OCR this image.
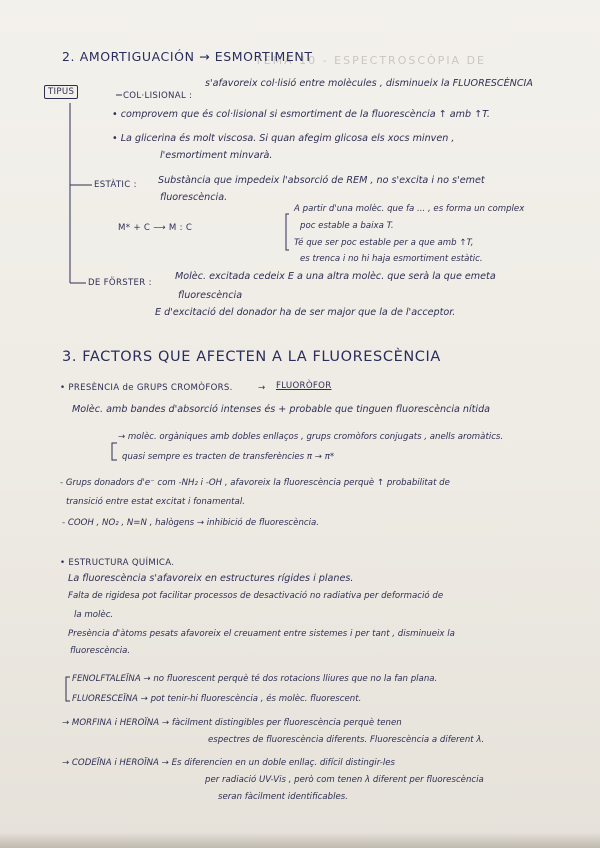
TEMA 10 - ESPECTROSCÒPIA DE
2. AMORTIGUACIÓN → ESMORTIMENT
TIPUS	COL·LISIONAL :
s'afavoreix col·lisió entre molècules , disminueix la FLUORESCÈNCIA
• comprovem que és col·lisional si esmortiment de la fluorescència ↑ amb ↑T.
• La glicerina és molt viscosa. Si quan afegim glicosa els xocs minven ,
l'esmortiment minvarà.
ESTÀTIC : Substància que impedeix l'absorció de REM , no s'excita i no s'emet
fluorescència.
M* + C ⟶ M : C
A partir d'una molèc. que fa ... , es forma un complex
poc estable a baixa T.
Té que ser poc estable per a que amb ↑T,
es trenca i no hi haja esmortiment estàtic.
DE FÖRSTER :
Molèc. excitada cedeix E a una altra molèc. que serà la que emeta
fluorescència
E d'excitació del donador ha de ser major que la de l'acceptor.
3. FACTORS QUE AFECTEN A LA FLUORESCÈNCIA
• PRESÈNCIA de GRUPS CROMÒFORS.	→ FLUORÒFOR
Molèc. amb bandes d'absorció intenses és + probable que tinguen fluorescència nítida
→ molèc. orgàniques amb dobles enllaços , grups cromòfors conjugats , anells aromàtics.
quasi sempre es tracten de transferències π → π*
- Grups donadors d'e⁻ com -NH₂ i -OH , afavoreix la fluorescència perquè ↑ probabilitat de
transició entre estat excitat i fonamental.
- COOH , NO₂ , N=N , halògens → inhibició de fluorescència.
• ESTRUCTURA QUÍMICA.
La fluorescència s'afavoreix en estructures rígides i planes.
Falta de rigidesa pot facilitar processos de desactivació no radiativa per deformació de
la molèc.
Presència d'àtoms pesats afavoreix el creuament entre sistemes i per tant , disminueix la
fluorescència.
FENOLFTALEÏNA → no fluorescent perquè té dos rotacions lliures que no la fan plana.
FLUORESCEÏNA → pot tenir-hi fluorescència , és molèc. fluorescent.
→ MORFINA i HEROÏNA → fàcilment distingibles per fluorescència perquè tenen
espectres de fluorescència diferents. Fluorescència a diferent λ.
→ CODEÏNA i HEROÏNA → Es diferencien en un doble enllaç. difícil distingir-les
per radiació UV-Vis , però com tenen λ diferent per fluorescència
seran fàcilment identificables.
